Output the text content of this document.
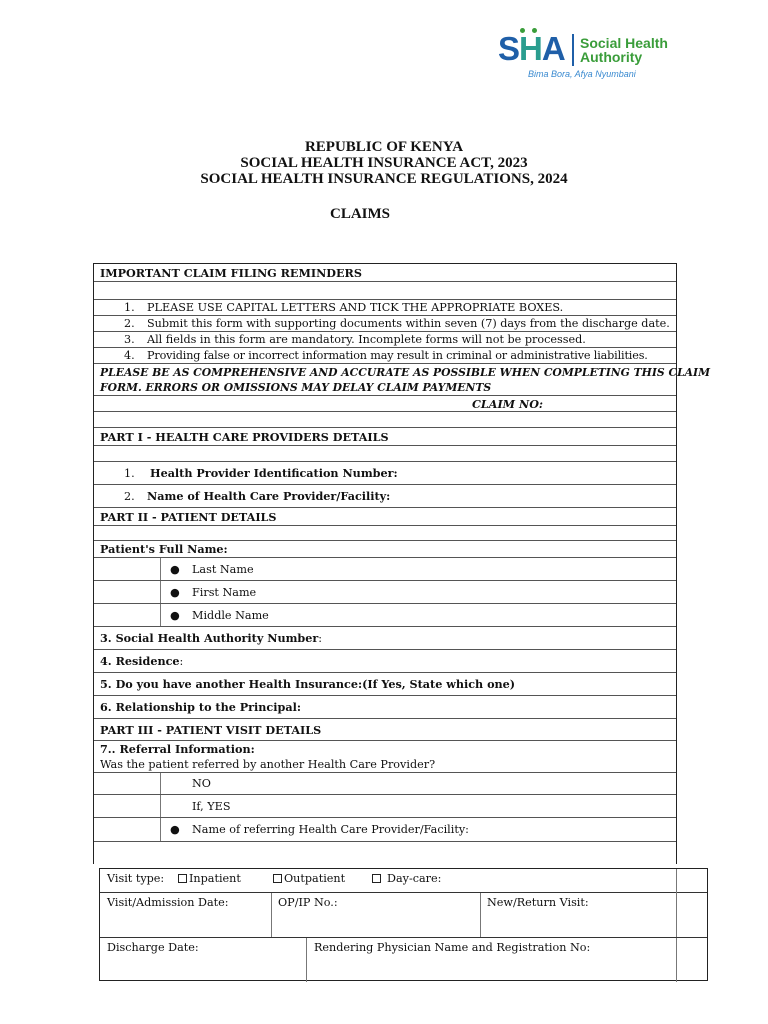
SHA Social Health
Authority
Bima Bora, Afya Nyumbani
REPUBLIC OF KENYA
SOCIAL HEALTH INSURANCE ACT, 2023
SOCIAL HEALTH INSURANCE REGULATIONS, 2024
CLAIMS
IMPORTANT CLAIM FILING REMINDERS
1. PLEASE USE CAPITAL LETTERS AND TICK THE APPROPRIATE BOXES.
2. Submit this form with supporting documents within seven (7) days from the discharge date.
3. All fields in this form are mandatory. Incomplete forms will not be processed.
4. Providing false or incorrect information may result in criminal or administrative liabilities.
PLEASE BE AS COMPREHENSIVE AND ACCURATE AS POSSIBLE WHEN COMPLETING THIS CLAIM
FORM. ERRORS OR OMISSIONS MAY DELAY CLAIM PAYMENTS
CLAIM NO:
PART I - HEALTH CARE PROVIDERS DETAILS
1. Health Provider Identification Number:
2. Name of Health Care Provider/Facility:
PART II - PATIENT DETAILS
Patient's Full Name:
● Last Name
● First Name
● Middle Name
3. Social Health Authority Number :
4. Residence :
5. Do you have another Health Insurance:(If Yes, State which one)
6. Relationship to the Principal:
PART III - PATIENT VISIT DETAILS
7.. Referral Information:
Was the patient referred by another Health Care Provider?
NO
If, YES
● Name of referring Health Care Provider/Facility:
Visit type:	Inpatient	Outpatient	Day-care:
Visit/Admission Date:	OP/IP No.:	New/Return Visit:
Discharge Date:	Rendering Physician Name and Registration No:
